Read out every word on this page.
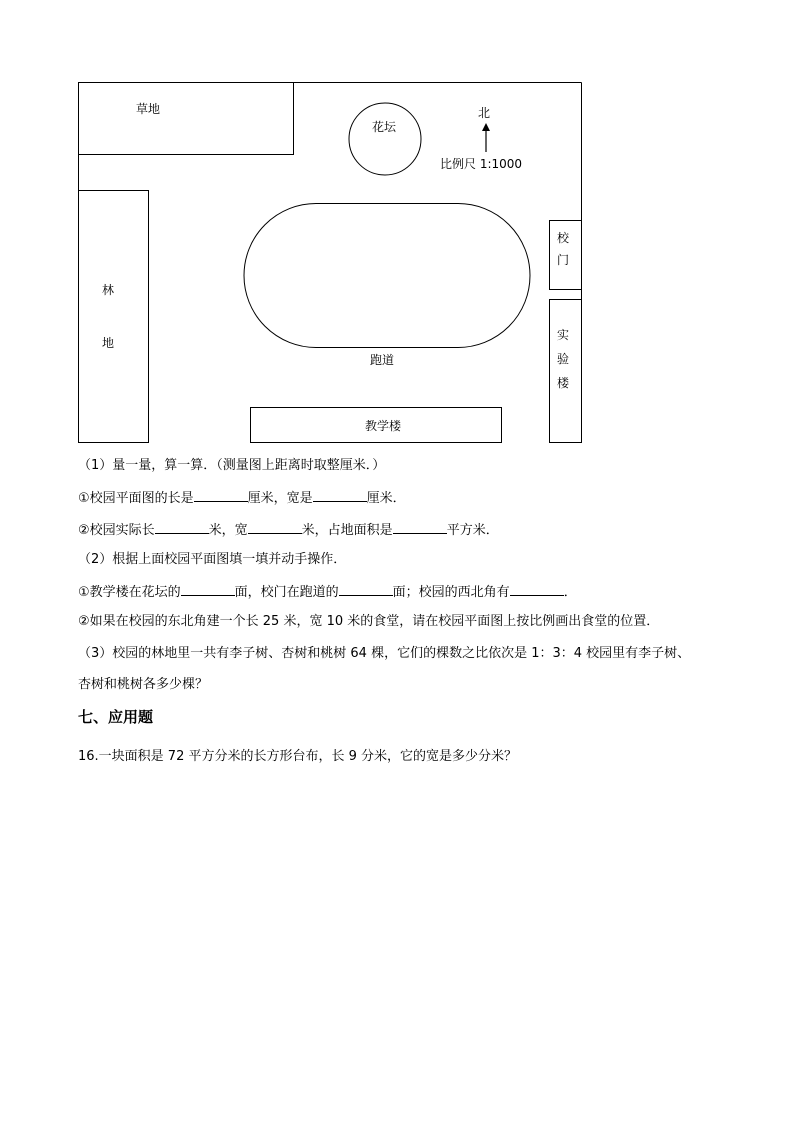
草地
花坛
北
比例尺 1:1000
林
地
跑道
校
门
实
验
楼
教学楼
（1）量一量，算一算．（测量图上距离时取整厘米．）
①校园平面图的长是	厘米，宽是	厘米．
②校园实际长	米，宽	米，占地面积是	平方米．
（2）根据上面校园平面图填一填并动手操作．
①教学楼在花坛的	面，校门在跑道的	面；校园的西北角有	．
②如果在校园的东北角建一个长 25 米，宽 10 米的食堂，请在校园平面图上按比例画出食堂的位置．
（3）校园的林地里一共有李子树、杏树和桃树 64 棵，它们的棵数之比依次是 1：3：4 校园里有李子树、
杏树和桃树各多少棵？
七、应用题
16.一块面积是 72 平方分米的长方形台布，长 9 分米，它的宽是多少分米？
